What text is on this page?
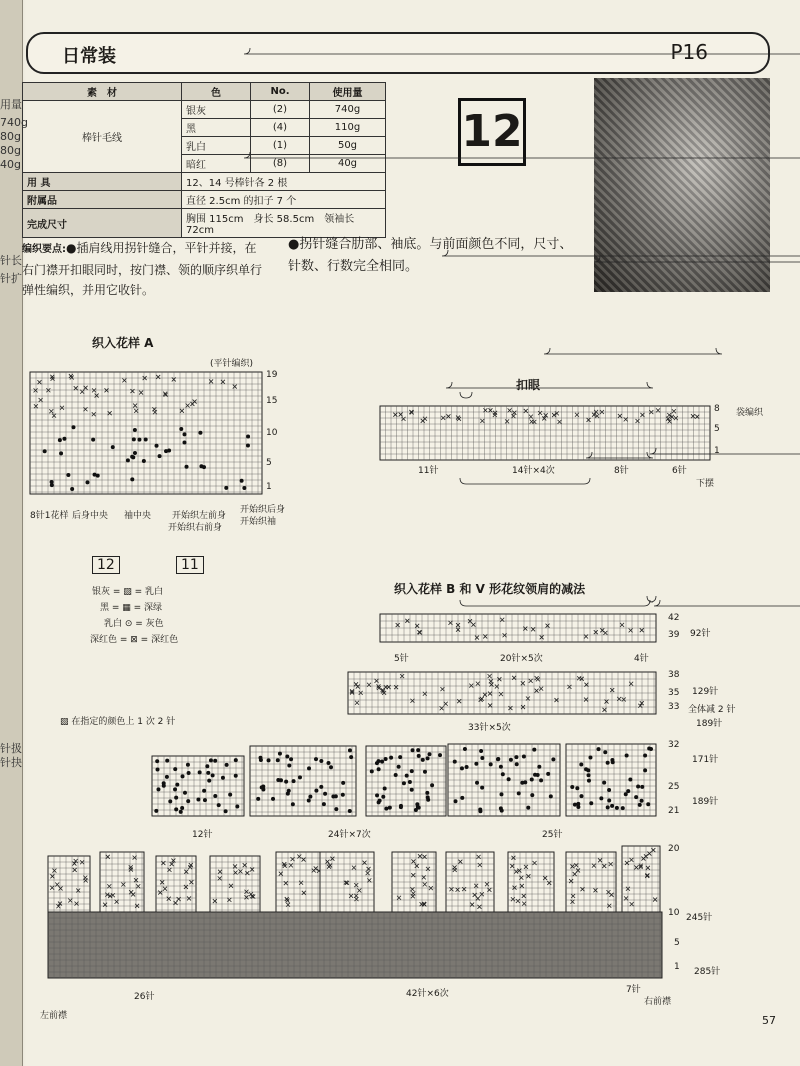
用量
740g
80g
80g
40g
针长
针扩
针扱
针抉
日常装	P16
素　材	色	No.	使用量
棒针毛线	银灰	(2)	740g
	黑	(4)	110g
	乳白	(1)	50g
	暗红	(8)	40g
用 具	12、14 号棒针各 2 根		
附属品	直径 2.5cm 的扣子 7 个		
完成尺寸	胸围 115cm　身长 58.5cm　领袖长 72cm		
12
编织要点:●插肩线用拐针缝合，平针并接，在右门襟开扣眼同时，按门襟、领的顺序织单行弹性编织，并用它收针。
●拐针缝合肋部、袖底。与前面颜色不同，尺寸、针数、行数完全相同。
织入花样 A
(平针编织)
19
15
10
5
1
8针1花样 后身中央 袖中央 开始织左前身
开始织右前身
开始织后身
开始织袖
扣眼
8
5
1
袋编织
11针	14针×4次	8针	6针
下摆
12	11
银灰 = ▨ = 乳白
黑 = ▦ = 深绿
乳白 ⊙ = 灰色
深红色 = ⊠ = 深红色
▧ 在指定的颜色上 1 次 2 针
织入花样 B 和 V 形花纹领肩的减法
42
39 92针
5针	20针×5次	4针
38
35
33
129针
全体减 2 针
189针
33针×5次
32
25
21
171针
189针
12针	24针×7次	25针
20
10
5
1
245针
285针
26针	42针×6次	7针
左前襟
右前襟
57
